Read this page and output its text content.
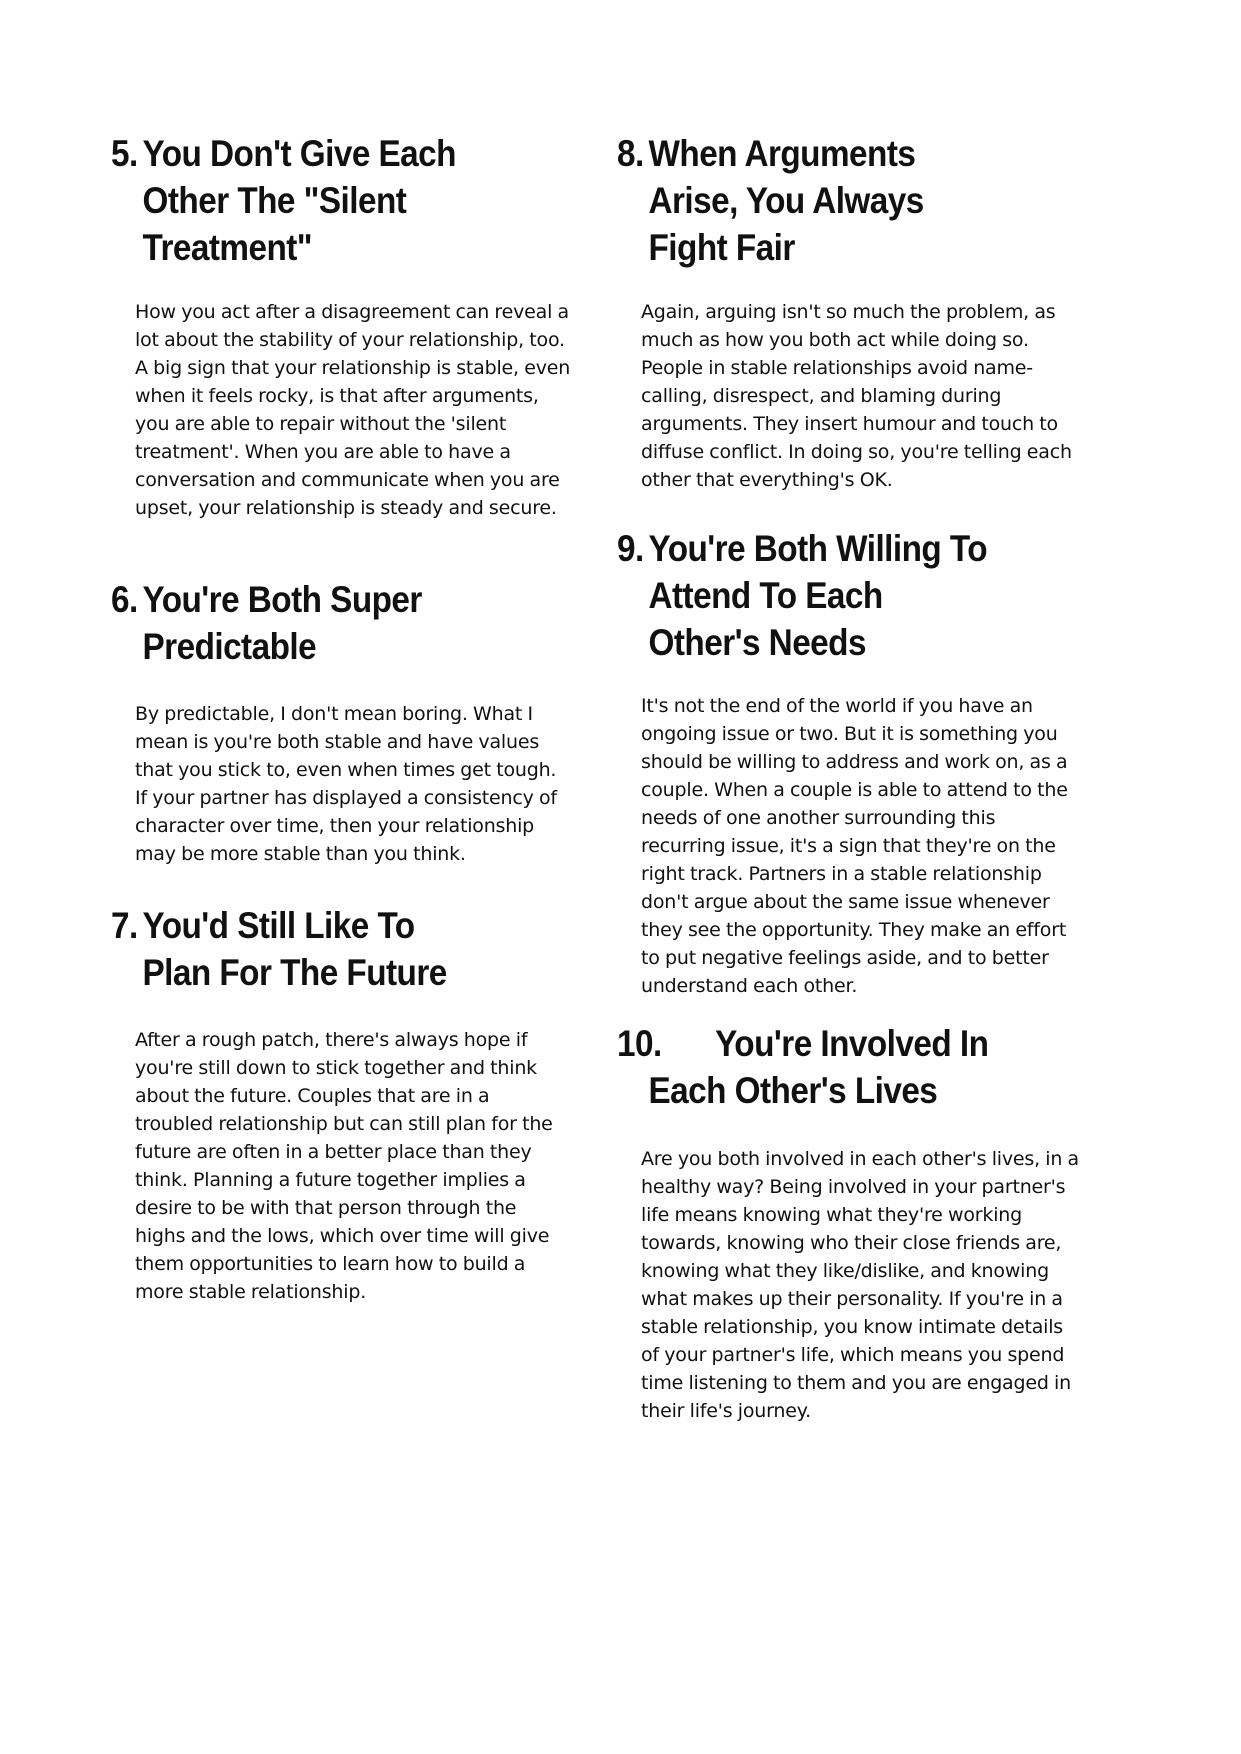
5. You Don't Give Each
Other The "Silent
Treatment"

How you act after a disagreement can reveal a lot about the stability of your relationship, too. A big sign that your relationship is stable, even when it feels rocky, is that after arguments, you are able to repair without the 'silent treatment'. When you are able to have a conversation and communicate when you are upset, your relationship is steady and secure.

6. You're Both Super
Predictable

By predictable, I don't mean boring. What I mean is you're both stable and have values that you stick to, even when times get tough. If your partner has displayed a consistency of character over time, then your relationship may be more stable than you think.

7. You'd Still Like To
Plan For The Future

After a rough patch, there's always hope if you're still down to stick together and think about the future. Couples that are in a troubled relationship but can still plan for the future are often in a better place than they think. Planning a future together implies a desire to be with that person through the highs and the lows, which over time will give them opportunities to learn how to build a more stable relationship.

8. When Arguments
Arise, You Always
Fight Fair

Again, arguing isn't so much the problem, as much as how you both act while doing so. People in stable relationships avoid name-calling, disrespect, and blaming during arguments. They insert humour and touch to diffuse conflict. In doing so, you're telling each other that everything's OK.

9. You're Both Willing To
Attend To Each
Other's Needs

It's not the end of the world if you have an ongoing issue or two. But it is something you should be willing to address and work on, as a couple. When a couple is able to attend to the needs of one another surrounding this recurring issue, it's a sign that they're on the right track. Partners in a stable relationship don't argue about the same issue whenever they see the opportunity. They make an effort to put negative feelings aside, and to better understand each other.

10.	You're Involved In
Each Other's Lives

Are you both involved in each other's lives, in a healthy way? Being involved in your partner's life means knowing what they're working towards, knowing who their close friends are, knowing what they like/dislike, and knowing what makes up their personality. If you're in a stable relationship, you know intimate details of your partner's life, which means you spend time listening to them and you are engaged in their life's journey.
